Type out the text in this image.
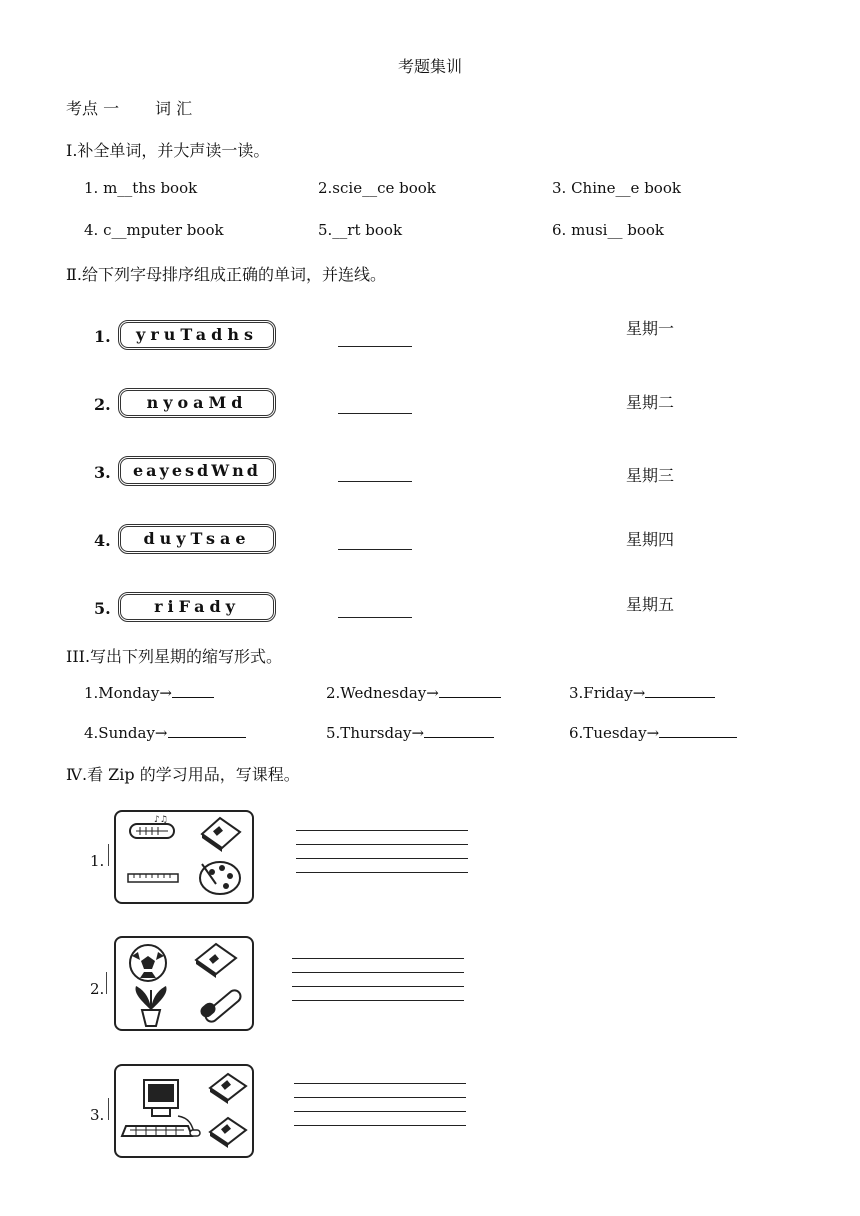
考题集训
考点 一 词 汇
Ⅰ.补全单词，并大声读一读。
1. m__ths book	2.scie__ce book	3. Chine__e book
4. c__mputer book	5.__rt book	6. musi__ book
Ⅱ.给下列字母排序组成正确的单词，并连线。
1.	yruTadhs	星期一
2.	nyoaMd	星期二
3.	eayesdWnd	星期三
4.	duyTsae	星期四
5.	riFady	星期五
III.写出下列星期的缩写形式。
1.Monday→	2.Wednesday→	3.Friday→
4.Sunday→	5.Thursday→	6.Tuesday→
Ⅳ.看 Zip 的学习用品，写课程。
1.
♪♫
2.
3.
